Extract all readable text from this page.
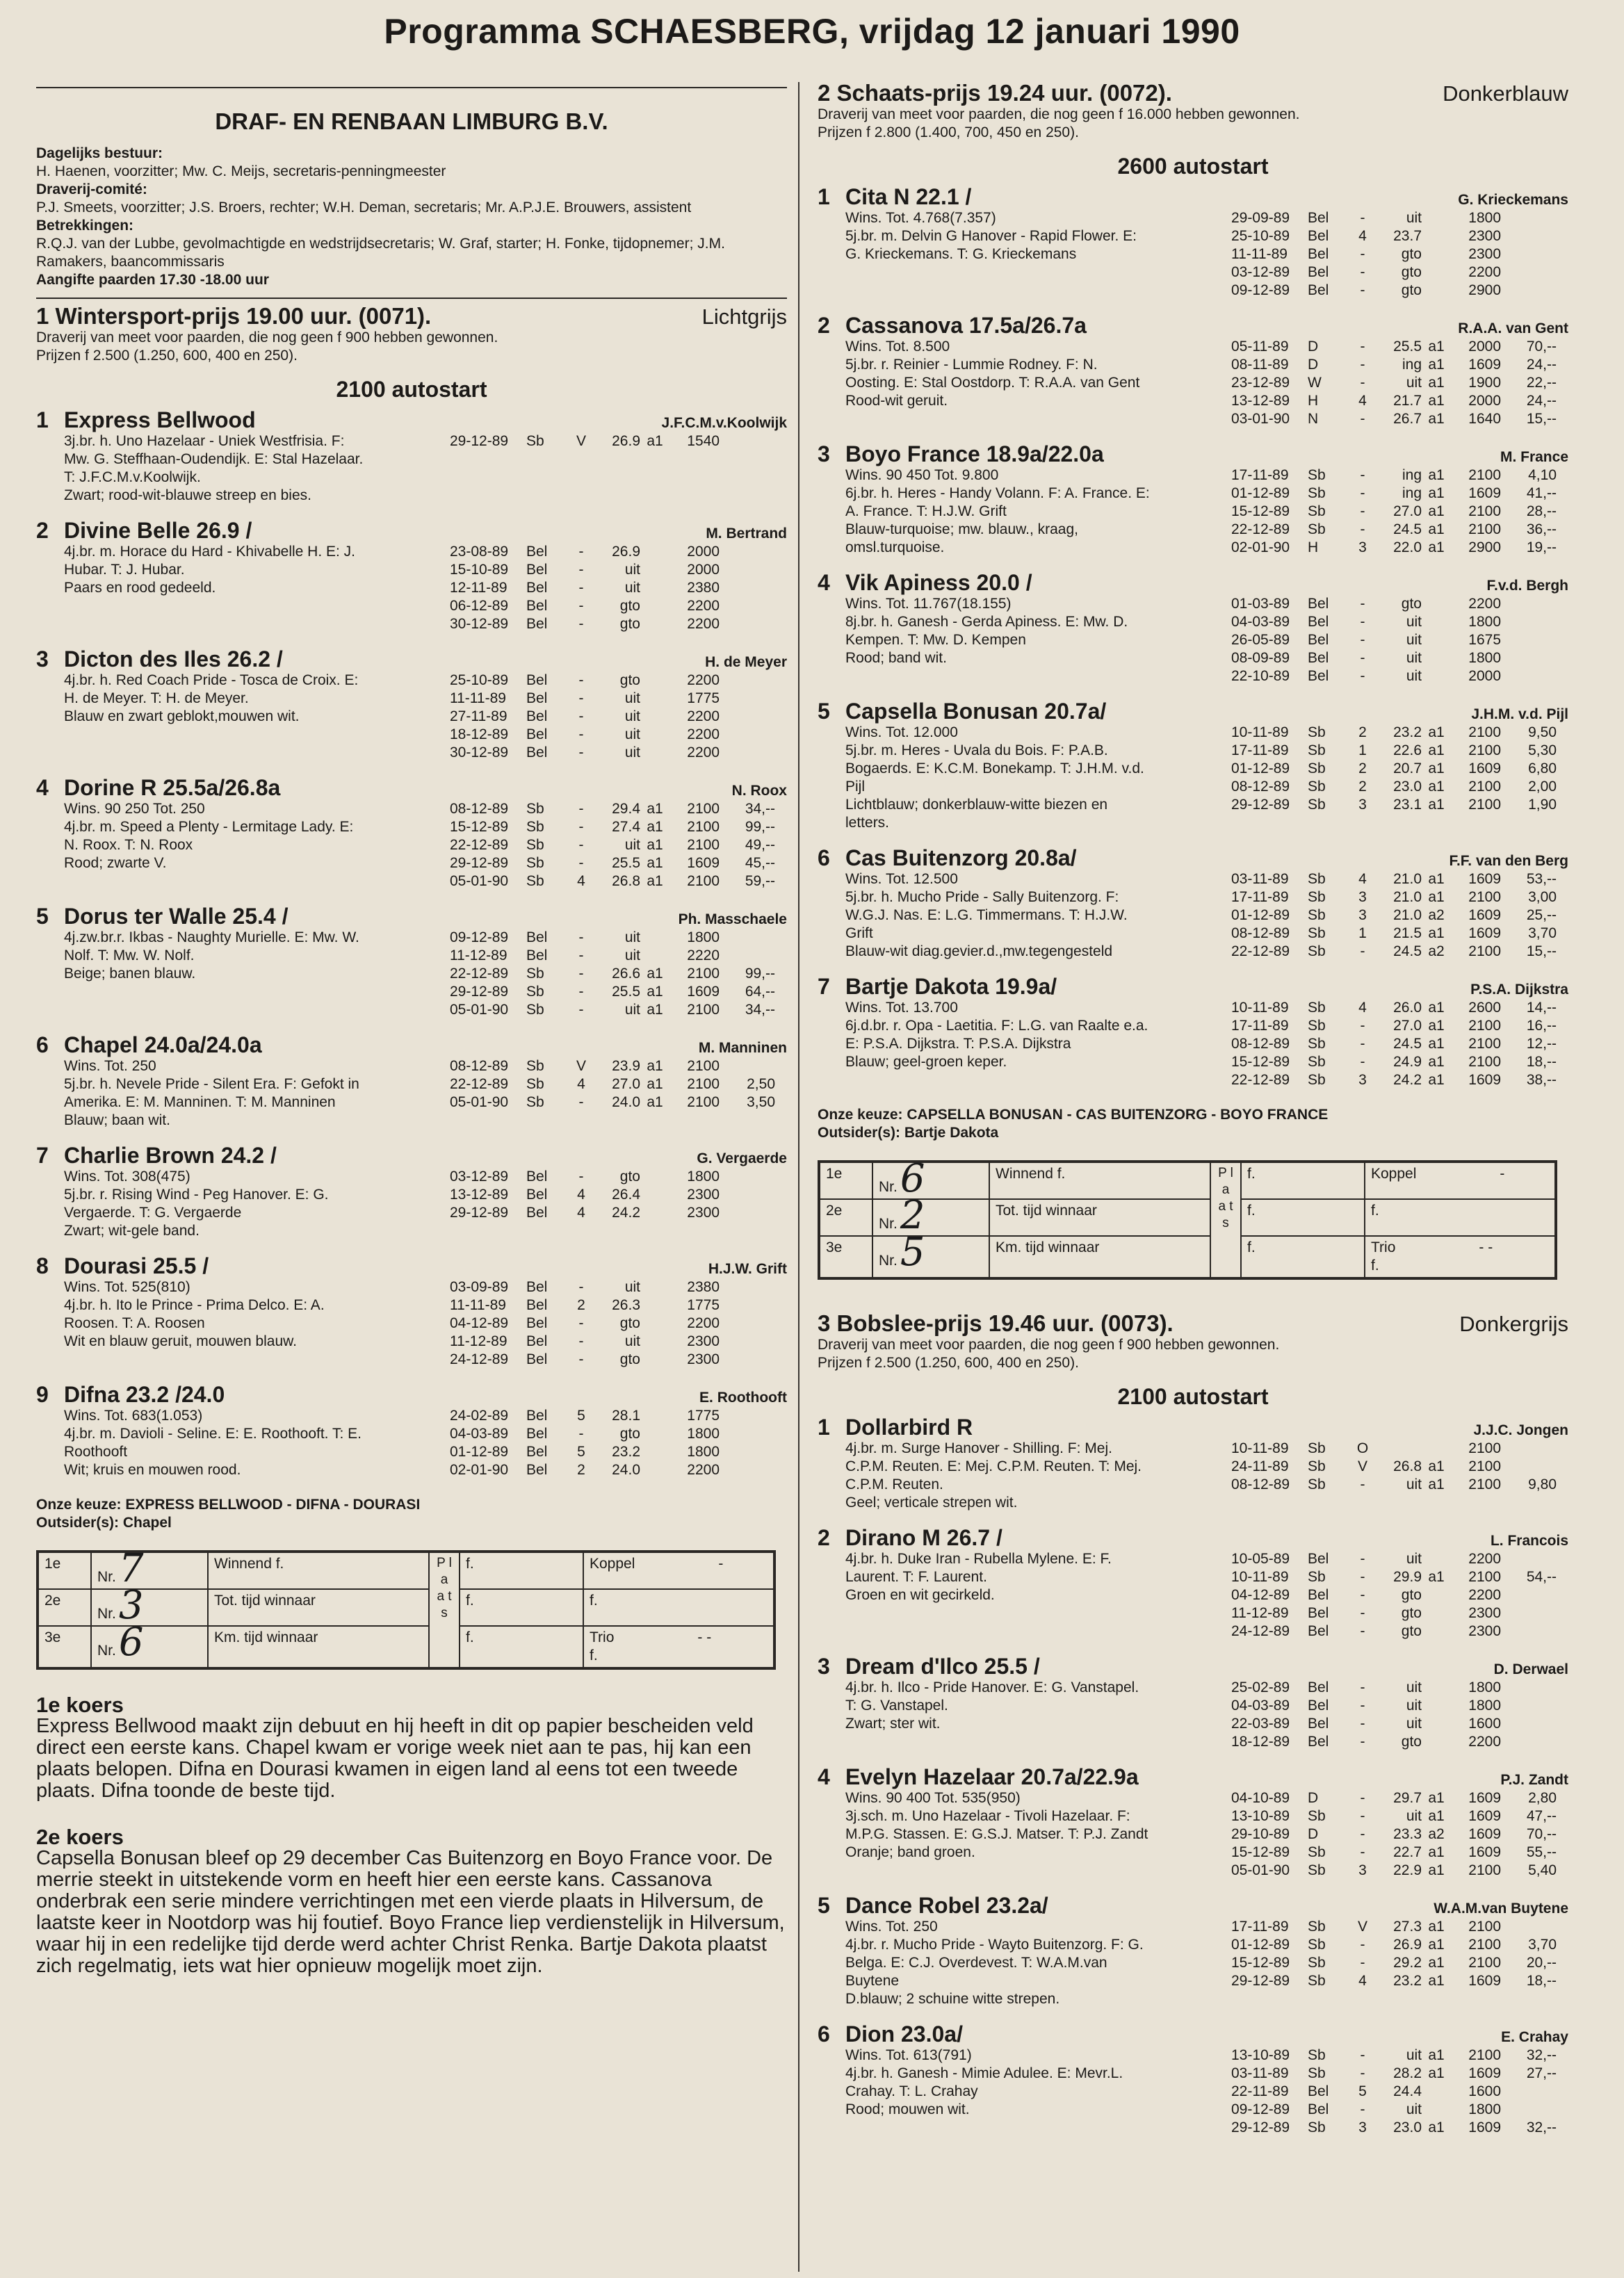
Programma SCHAESBERG, vrijdag 12 januari 1990
DRAF- EN RENBAAN LIMBURG B.V.
Dagelijks bestuur:
H. Haenen, voorzitter; Mw. C. Meijs, secretaris-penningmeester
Draverij-comité:
P.J. Smeets, voorzitter; J.S. Broers, rechter; W.H. Deman, secretaris; Mr. A.P.J.E. Brouwers, assistent
Betrekkingen:
R.Q.J. van der Lubbe, gevolmachtigde en wedstrijdsecretaris; W. Graf, starter; H. Fonke, tijdopnemer; J.M. Ramakers, baancommissaris
Aangifte paarden 17.30 -18.00 uur
1 Wintersport-prijs 19.00 uur. (0071).	Lichtgrijs
Draverij van meet voor paarden, die nog geen f 900 hebben gewonnen.
Prijzen f 2.500 (1.250, 600, 400 en 250).
2100 autostart
1 Express Bellwood	J.F.C.M.v.Koolwijk
3j.br. h. Uno Hazelaar - Uniek Westfrisia. F:
Mw. G. Steffhaan-Oudendijk. E: Stal Hazelaar.
T: J.F.C.M.v.Koolwijk.
Zwart; rood-wit-blauwe streep en bies.
29-12-89	Sb	V	26.9 a1	1540
2 Divine Belle 26.9 /	M. Bertrand
4j.br. m. Horace du Hard - Khivabelle H. E: J.
Hubar. T: J. Hubar.
Paars en rood gedeeld.
23-08-89	Bel	-	26.9	2000
15-10-89	Bel	-	uit	2000
12-11-89	Bel	-	uit	2380
06-12-89	Bel	-	gto	2200
30-12-89	Bel	-	gto	2200
3 Dicton des Iles 26.2 /	H. de Meyer
4j.br. h. Red Coach Pride - Tosca de Croix. E:
H. de Meyer. T: H. de Meyer.
Blauw en zwart geblokt,mouwen wit.
25-10-89	Bel	-	gto	2200
11-11-89	Bel	-	uit	1775
27-11-89	Bel	-	uit	2200
18-12-89	Bel	-	uit	2200
30-12-89	Bel	-	uit	2200
4 Dorine R 25.5a/26.8a	N. Roox
Wins. 90 250 Tot. 250
4j.br. m. Speed a Plenty - Lermitage Lady. E:
N. Roox. T: N. Roox
Rood; zwarte V.
08-12-89	Sb	-	29.4 a1	2100	34,--
15-12-89	Sb	-	27.4 a1	2100	99,--
22-12-89	Sb	-	uit a1	2100	49,--
29-12-89	Sb	-	25.5 a1	1609	45,--
05-01-90	Sb	4	26.8 a1	2100	59,--
5 Dorus ter Walle 25.4 /	Ph. Masschaele
4j.zw.br.r. Ikbas - Naughty Murielle. E: Mw. W.
Nolf. T: Mw. W. Nolf.
Beige; banen blauw.
09-12-89	Bel	-	uit	1800
11-12-89	Bel	-	uit	2220
22-12-89	Sb	-	26.6 a1	2100	99,--
29-12-89	Sb	-	25.5 a1	1609	64,--
05-01-90	Sb	-	uit a1	2100	34,--
6 Chapel 24.0a/24.0a	M. Manninen
Wins. Tot. 250
5j.br. h. Nevele Pride - Silent Era. F: Gefokt in
Amerika. E: M. Manninen. T: M. Manninen
Blauw; baan wit.
08-12-89	Sb	V	23.9 a1	2100
22-12-89	Sb	4	27.0 a1	2100	2,50
05-01-90	Sb	-	24.0 a1	2100	3,50
7 Charlie Brown 24.2 /	G. Vergaerde
Wins. Tot. 308(475)
5j.br. r. Rising Wind - Peg Hanover. E: G.
Vergaerde. T: G. Vergaerde
Zwart; wit-gele band.
03-12-89	Bel	-	gto	1800
13-12-89	Bel	4	26.4	2300
29-12-89	Bel	4	24.2	2300
8 Dourasi 25.5 /	H.J.W. Grift
Wins. Tot. 525(810)
4j.br. h. Ito le Prince - Prima Delco. E: A.
Roosen. T: A. Roosen
Wit en blauw geruit, mouwen blauw.
03-09-89	Bel	-	uit	2380
11-11-89	Bel	2	26.3	1775
04-12-89	Bel	-	gto	2200
11-12-89	Bel	-	uit	2300
24-12-89	Bel	-	gto	2300
9 Difna 23.2 /24.0	E. Roothooft
Wins. Tot. 683(1.053)
4j.br. m. Davioli - Seline. E: E. Roothooft. T: E.
Roothooft
Wit; kruis en mouwen rood.
24-02-89	Bel	5	28.1	1775
04-03-89	Bel	-	gto	1800
01-12-89	Bel	5	23.2	1800
02-01-90	Bel	2	24.0	2200
Onze keuze: EXPRESS BELLWOOD - DIFNA - DOURASI
Outsider(s): Chapel
1e	Nr.7	Winnend f.	P l a a t s	f.	Koppel -
2e	Nr.3	Tot. tijd winnaar		f.	f.
3e	Nr.6	Km. tijd winnaar		f.	Trio - -
f.
1e koers

Express Bellwood maakt zijn debuut en hij heeft in dit op papier bescheiden veld direct een eerste kans. Chapel kwam er vorige week niet aan te pas, hij kan een plaats belopen. Difna en Dourasi kwamen in eigen land al eens tot een tweede plaats. Difna toonde de beste tijd.

2e koers

Capsella Bonusan bleef op 29 december Cas Buitenzorg en Boyo France voor. De merrie steekt in uitstekende vorm en heeft hier een eerste kans. Cassanova onderbrak een serie mindere verrichtingen met een vierde plaats in Hilversum, de laatste keer in Nootdorp was hij foutief. Boyo France liep verdienstelijk in Hilversum, waar hij in een redelijke tijd derde werd achter Christ Renka. Bartje Dakota plaatst zich regelmatig, iets wat hier opnieuw mogelijk moet zijn.

2 Schaats-prijs 19.24 uur. (0072).	Donkerblauw
Draverij van meet voor paarden, die nog geen f 16.000 hebben gewonnen.
Prijzen f 2.800 (1.400, 700, 450 en 250).
2600 autostart
1 Cita N 22.1 /	G. Krieckemans
Wins. Tot. 4.768(7.357)
5j.br. m. Delvin G Hanover - Rapid Flower. E:
G. Krieckemans. T: G. Krieckemans
29-09-89	Bel	-	uit	1800
25-10-89	Bel	4	23.7	2300
11-11-89	Bel	-	gto	2300
03-12-89	Bel	-	gto	2200
09-12-89	Bel	-	gto	2900
2 Cassanova 17.5a/26.7a	R.A.A. van Gent
Wins. Tot. 8.500
5j.br. r. Reinier - Lummie Rodney. F: N.
Oosting. E: Stal Oostdorp. T: R.A.A. van Gent
Rood-wit geruit.
05-11-89	D	-	25.5 a1	2000	70,--
08-11-89	D	-	ing a1	1609	24,--
23-12-89	W	-	uit a1	1900	22,--
13-12-89	H	4	21.7 a1	2000	24,--
03-01-90	N	-	26.7 a1	1640	15,--
3 Boyo France 18.9a/22.0a	M. France
Wins. 90 450 Tot. 9.800
6j.br. h. Heres - Handy Volann. F: A. France. E:
A. France. T: H.J.W. Grift
Blauw-turquoise; mw. blauw., kraag,
omsl.turquoise.
17-11-89	Sb	-	ing a1	2100	4,10
01-12-89	Sb	-	ing a1	1609	41,--
15-12-89	Sb	-	27.0 a1	2100	28,--
22-12-89	Sb	-	24.5 a1	2100	36,--
02-01-90	H	3	22.0 a1	2900	19,--
4 Vik Apiness 20.0 /	F.v.d. Bergh
Wins. Tot. 11.767(18.155)
8j.br. h. Ganesh - Gerda Apiness. E: Mw. D.
Kempen. T: Mw. D. Kempen
Rood; band wit.
01-03-89	Bel	-	gto	2200
04-03-89	Bel	-	uit	1800
26-05-89	Bel	-	uit	1675
08-09-89	Bel	-	uit	1800
22-10-89	Bel	-	uit	2000
5 Capsella Bonusan 20.7a/	J.H.M. v.d. Pijl
Wins. Tot. 12.000
5j.br. m. Heres - Uvala du Bois. F: P.A.B.
Bogaerds. E: K.C.M. Bonekamp. T: J.H.M. v.d.
Pijl
Lichtblauw; donkerblauw-witte biezen en
letters.
10-11-89	Sb	2	23.2 a1	2100	9,50
17-11-89	Sb	1	22.6 a1	2100	5,30
01-12-89	Sb	2	20.7 a1	1609	6,80
08-12-89	Sb	2	23.0 a1	2100	2,00
29-12-89	Sb	3	23.1 a1	2100	1,90
6 Cas Buitenzorg 20.8a/	F.F. van den Berg
Wins. Tot. 12.500
5j.br. h. Mucho Pride - Sally Buitenzorg. F:
W.G.J. Nas. E: L.G. Timmermans. T: H.J.W.
Grift
Blauw-wit diag.gevier.d.,mw.tegengesteld
03-11-89	Sb	4	21.0 a1	1609	53,--
17-11-89	Sb	3	21.0 a1	2100	3,00
01-12-89	Sb	3	21.0 a2	1609	25,--
08-12-89	Sb	1	21.5 a1	1609	3,70
22-12-89	Sb	-	24.5 a2	2100	15,--
7 Bartje Dakota 19.9a/	P.S.A. Dijkstra
Wins. Tot. 13.700
6j.d.br. r. Opa - Laetitia. F: L.G. van Raalte e.a.
E: P.S.A. Dijkstra. T: P.S.A. Dijkstra
Blauw; geel-groen keper.
10-11-89	Sb	4	26.0 a1	2600	14,--
17-11-89	Sb	-	27.0 a1	2100	16,--
08-12-89	Sb	-	24.5 a1	2100	12,--
15-12-89	Sb	-	24.9 a1	2100	18,--
22-12-89	Sb	3	24.2 a1	1609	38,--
Onze keuze: CAPSELLA BONUSAN - CAS BUITENZORG - BOYO FRANCE
Outsider(s): Bartje Dakota
1e	Nr.6	Winnend f.	P l a a t s	f.	Koppel -
2e	Nr.2	Tot. tijd winnaar		f.	f.
3e	Nr.5	Km. tijd winnaar		f.	Trio - -
f.
3 Bobslee-prijs 19.46 uur. (0073).	Donkergrijs
Draverij van meet voor paarden, die nog geen f 900 hebben gewonnen.
Prijzen f 2.500 (1.250, 600, 400 en 250).
2100 autostart
1 Dollarbird R	J.J.C. Jongen
4j.br. m. Surge Hanover - Shilling. F: Mej.
C.P.M. Reuten. E: Mej. C.P.M. Reuten. T: Mej.
C.P.M. Reuten.
Geel; verticale strepen wit.
10-11-89	Sb	O	2100
24-11-89	Sb	V	26.8 a1	2100
08-12-89	Sb	-	uit a1	2100	9,80
2 Dirano M 26.7 /	L. Francois
4j.br. h. Duke Iran - Rubella Mylene. E: F.
Laurent. T: F. Laurent.
Groen en wit gecirkeld.
10-05-89	Bel	-	uit	2200
10-11-89	Sb	-	29.9 a1	2100	54,--
04-12-89	Bel	-	gto	2200
11-12-89	Bel	-	gto	2300
24-12-89	Bel	-	gto	2300
3 Dream d'Ilco 25.5 /	D. Derwael
4j.br. h. Ilco - Pride Hanover. E: G. Vanstapel.
T: G. Vanstapel.
Zwart; ster wit.
25-02-89	Bel	-	uit	1800
04-03-89	Bel	-	uit	1800
22-03-89	Bel	-	uit	1600
18-12-89	Bel	-	gto	2200
4 Evelyn Hazelaar 20.7a/22.9a	P.J. Zandt
Wins. 90 400 Tot. 535(950)
3j.sch. m. Uno Hazelaar - Tivoli Hazelaar. F:
M.P.G. Stassen. E: G.S.J. Matser. T: P.J. Zandt
Oranje; band groen.
04-10-89	D	-	29.7 a1	1609	2,80
13-10-89	Sb	-	uit a1	1609	47,--
29-10-89	D	-	23.3 a2	1609	70,--
15-12-89	Sb	-	22.7 a1	1609	55,--
05-01-90	Sb	3	22.9 a1	2100	5,40
5 Dance Robel 23.2a/	W.A.M.van Buytene
Wins. Tot. 250
4j.br. r. Mucho Pride - Wayto Buitenzorg. F: G.
Belga. E: C.J. Overdevest. T: W.A.M.van
Buytene
D.blauw; 2 schuine witte strepen.
17-11-89	Sb	V	27.3 a1	2100
01-12-89	Sb	-	26.9 a1	2100	3,70
15-12-89	Sb	-	29.2 a1	2100	20,--
29-12-89	Sb	4	23.2 a1	1609	18,--
6 Dion 23.0a/	E. Crahay
Wins. Tot. 613(791)
4j.br. h. Ganesh - Mimie Adulee. E: Mevr.L.
Crahay. T: L. Crahay
Rood; mouwen wit.
13-10-89	Sb	-	uit a1	2100	32,--
03-11-89	Sb	-	28.2 a1	1609	27,--
22-11-89	Bel	5	24.4	1600
09-12-89	Bel	-	uit	1800
29-12-89	Sb	3	23.0 a1	1609	32,--
